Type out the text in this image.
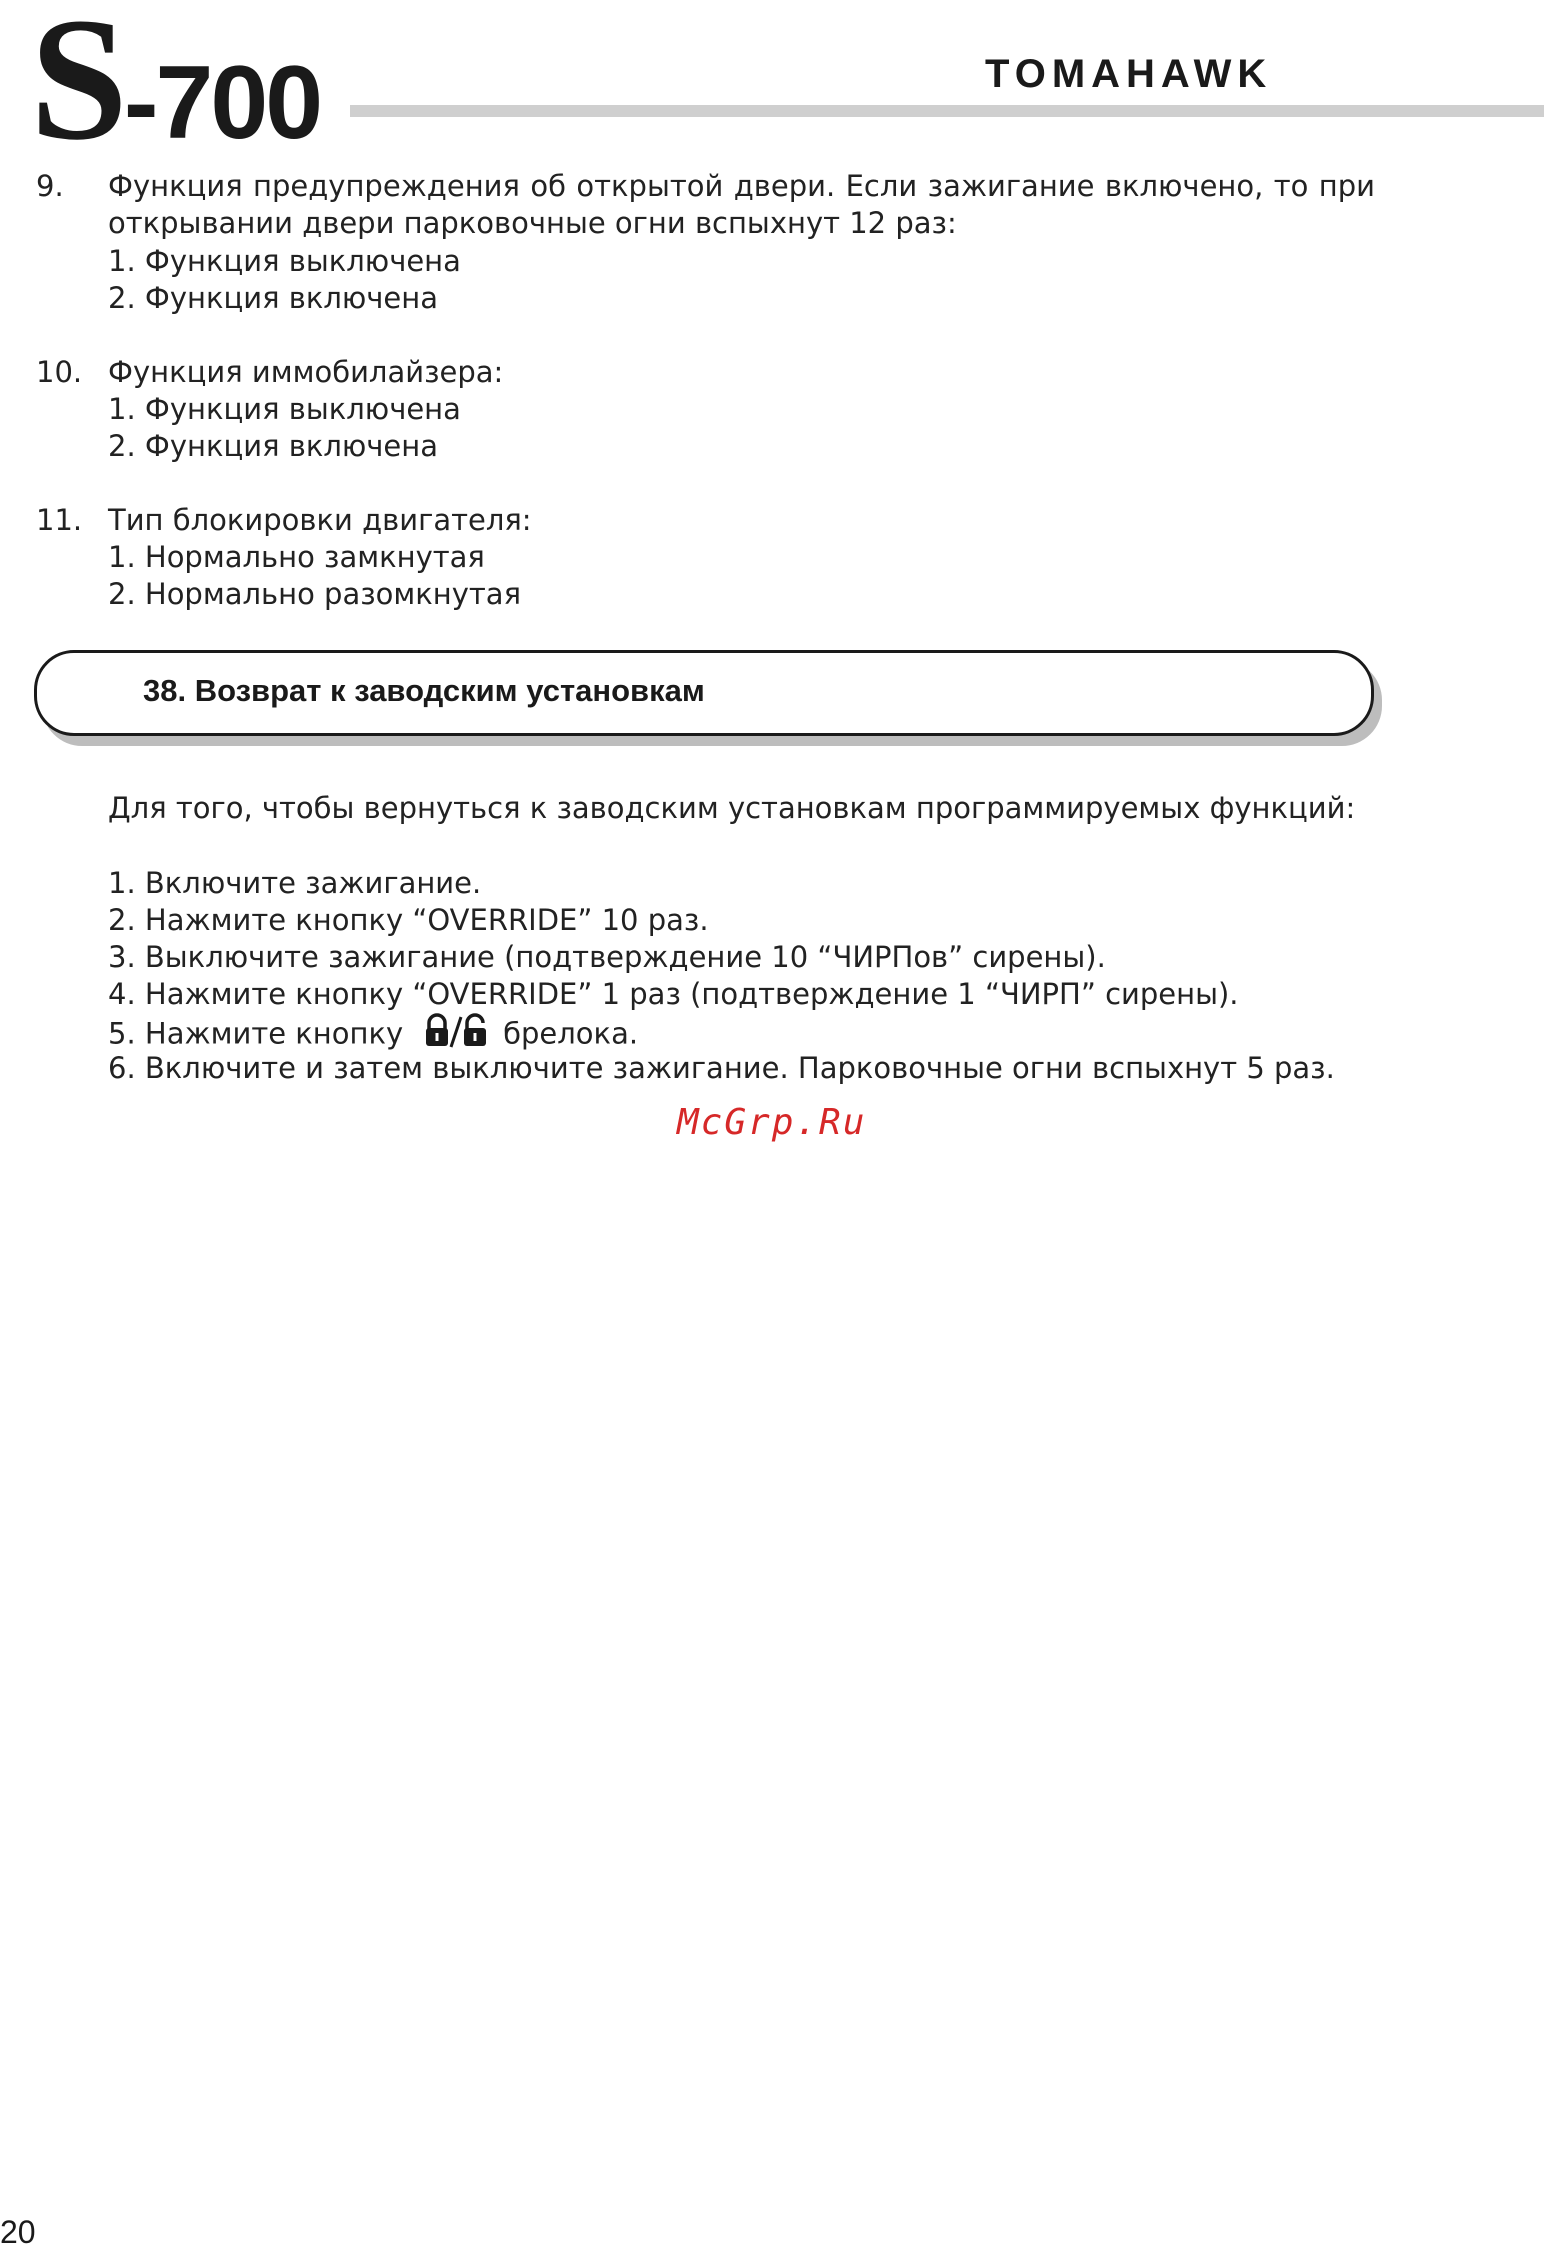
S-700	TOMAHAWK
9. Функция предупреждения об открытой двери. Если зажигание включено, то при открывании двери парковочные огни вспыхнут 12 раз:
1. Функция выключена
2. Функция включена
10. Функция иммобилайзера:
1. Функция выключена
2. Функция включена
11. Тип блокировки двигателя:
1. Нормально замкнутая
2. Нормально разомкнутая
38. Возврат к заводским установкам
Для того, чтобы вернуться к заводским установкам программируемых функций:
1. Включите зажигание.
2. Нажмите кнопку “OVERRIDE” 10 раз.
3. Выключите зажигание (подтверждение 10 “ЧИРПов” сирены).
4. Нажмите кнопку “OVERRIDE” 1 раз (подтверждение 1 “ЧИРП” сирены).
5. Нажмите кнопку	брелока.
6. Включите и затем выключите зажигание. Парковочные огни вспыхнут 5 раз.
McGrp.Ru
20
